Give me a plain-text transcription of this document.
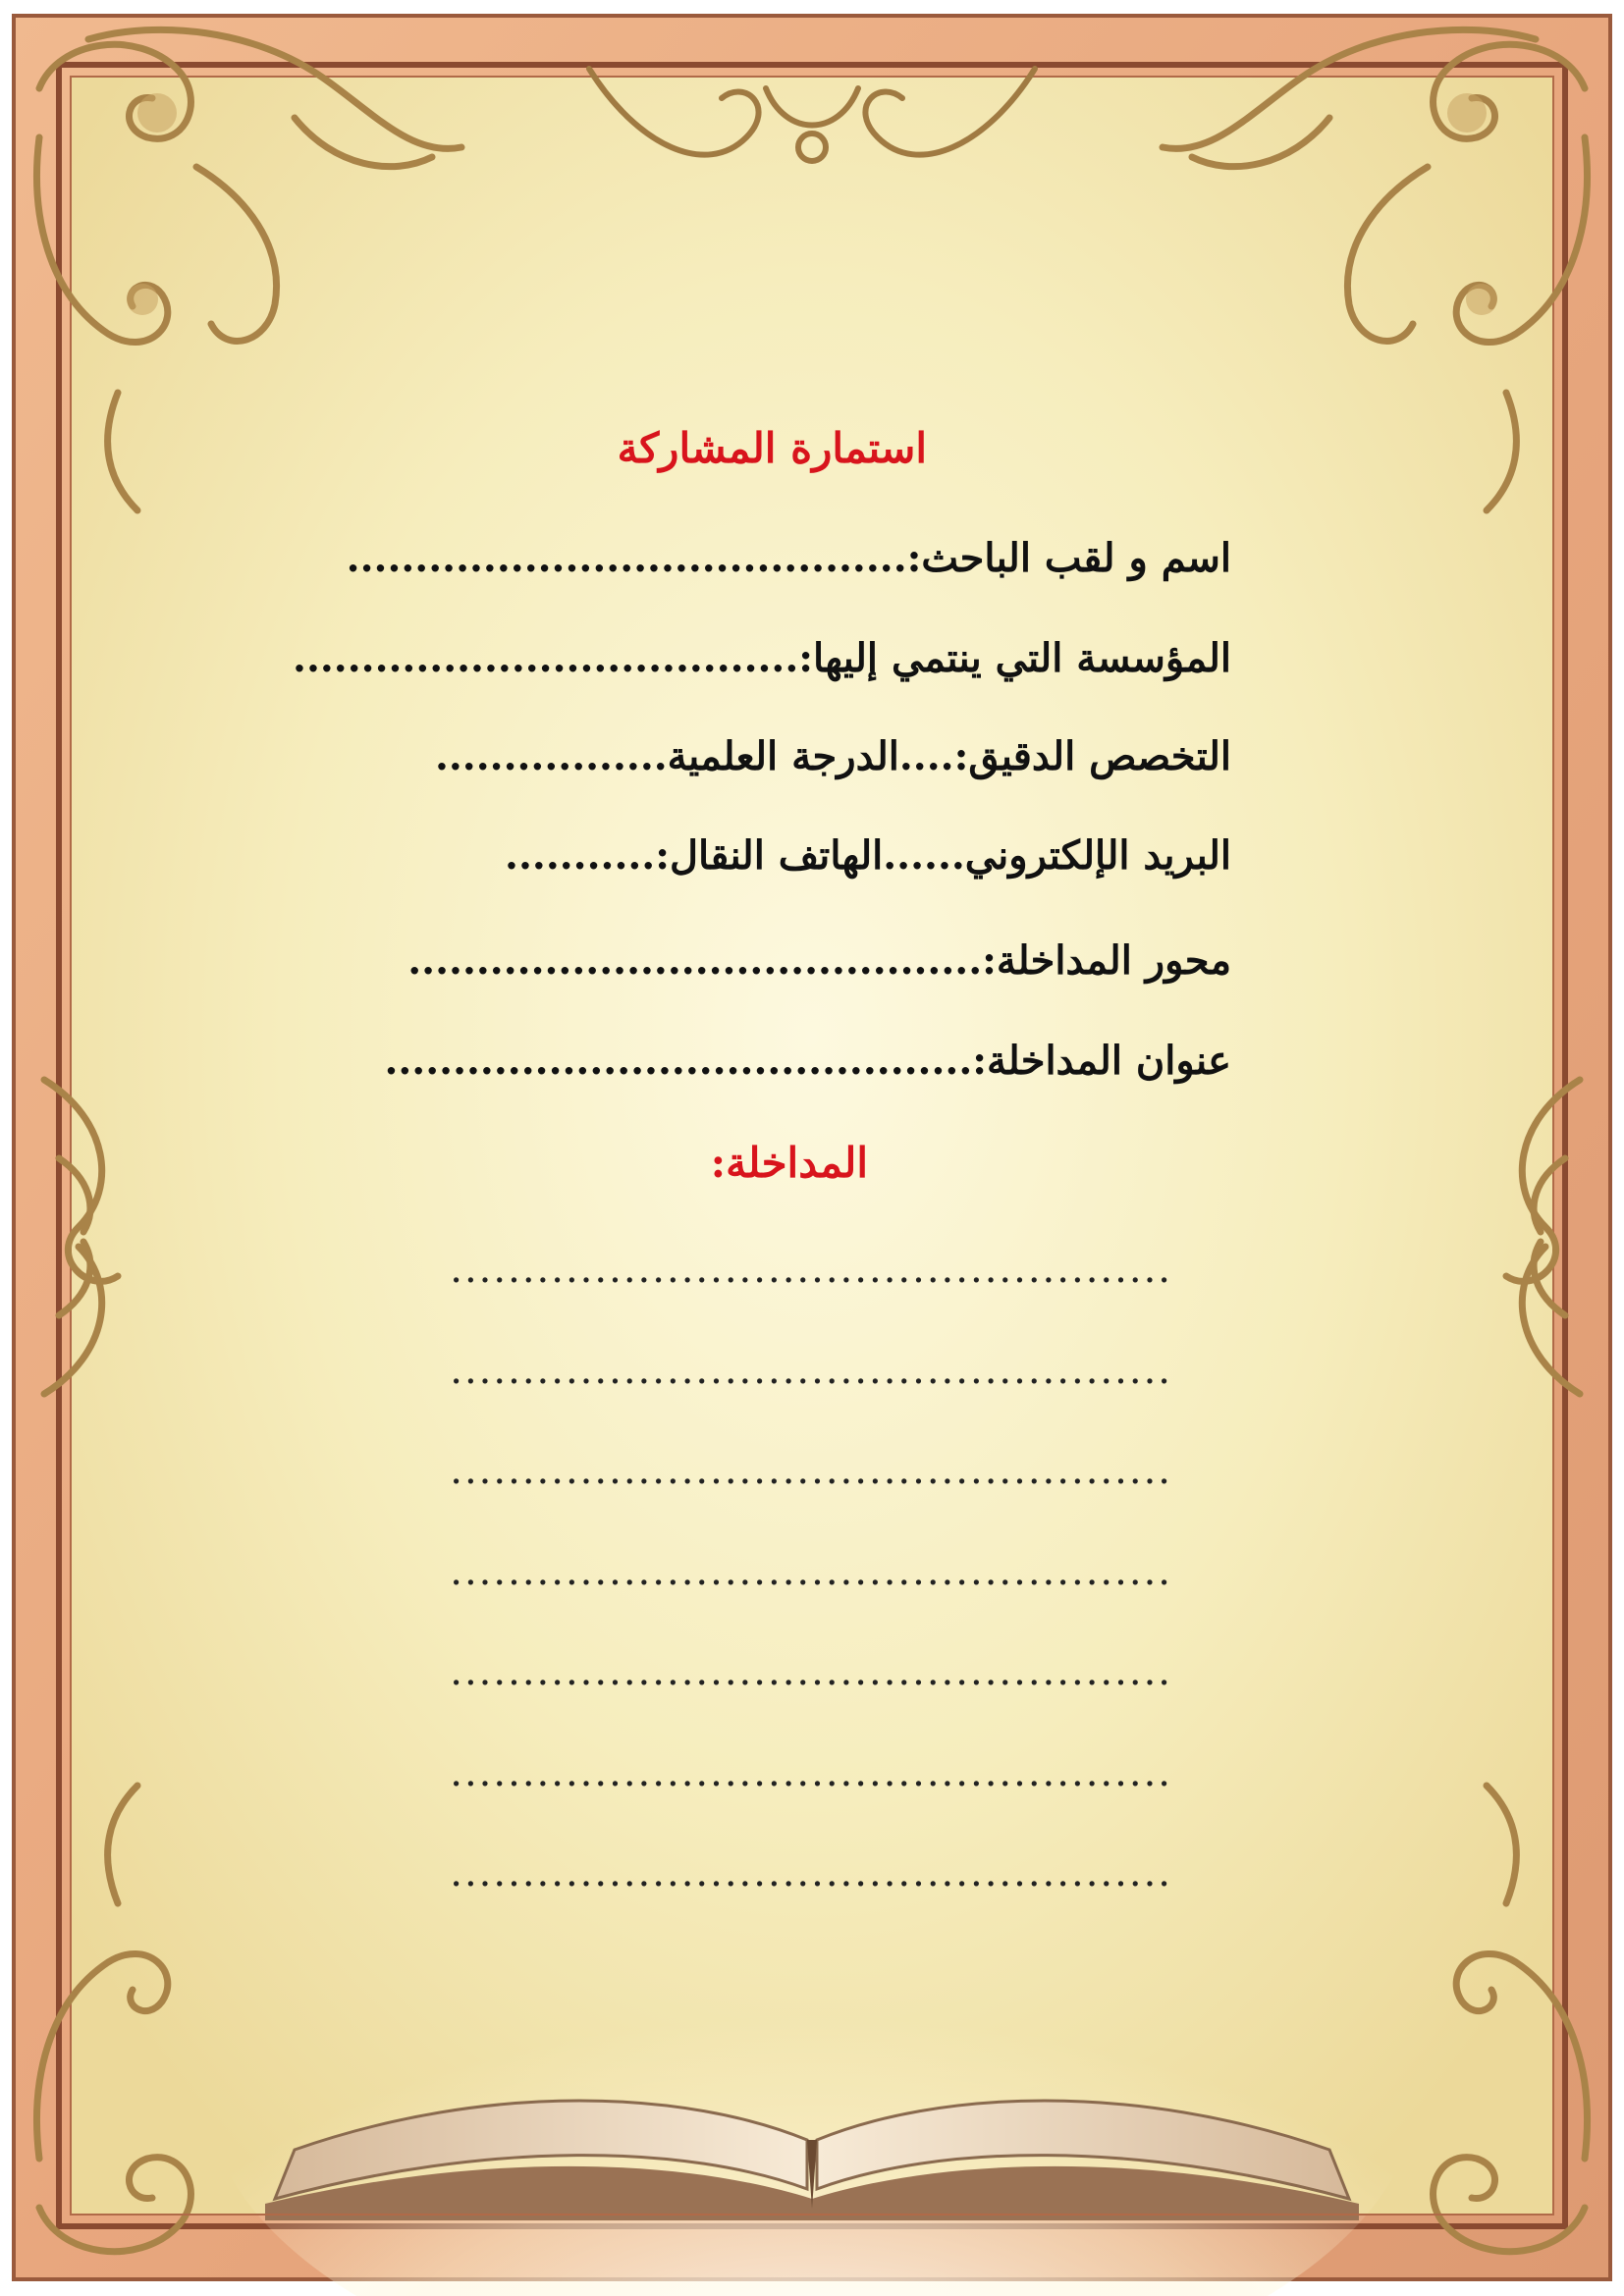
استمارة المشاركة
اسم و لقب الباحث:.........................................
المؤسسة التي ينتمي إليها:.....................................
التخصص الدقيق:....الدرجة العلمية.................
البريد الإلكتروني......الهاتف النقال:...........
محور المداخلة:..........................................
عنوان المداخلة:...........................................
المداخلة:
..................................................
..................................................
..................................................
..................................................
..................................................
..................................................
..................................................
